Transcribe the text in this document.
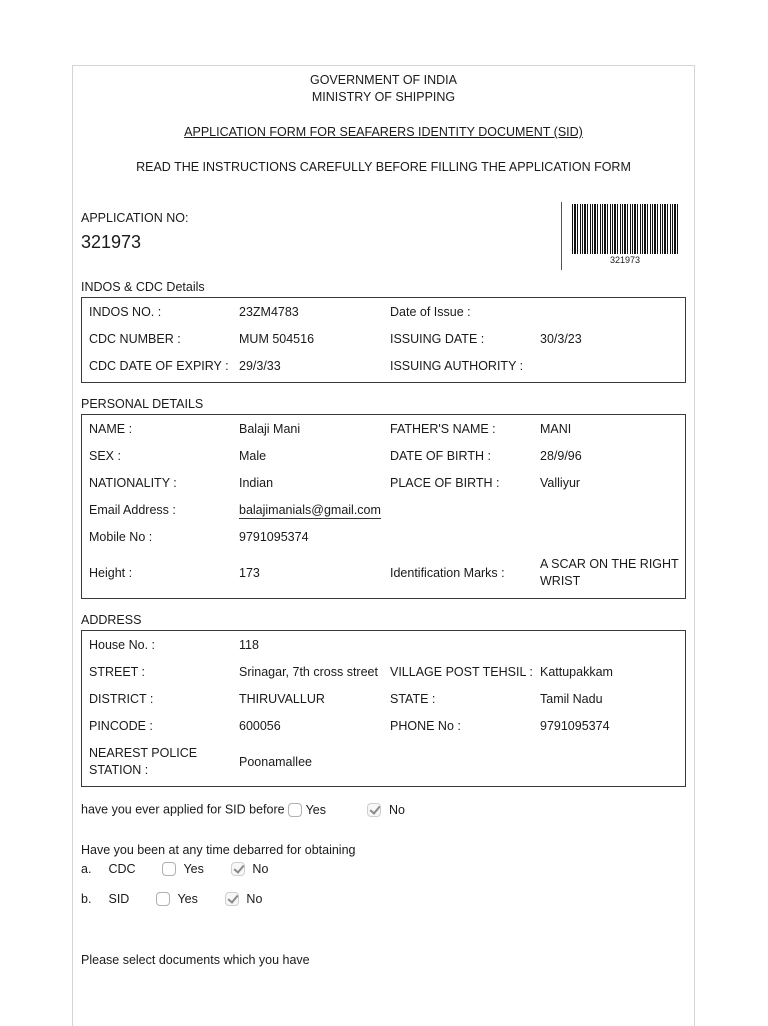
GOVERNMENT OF INDIA
MINISTRY OF SHIPPING
APPLICATION FORM FOR SEAFARERS IDENTITY DOCUMENT (SID)
READ THE INSTRUCTIONS CAREFULLY BEFORE FILLING THE APPLICATION FORM
APPLICATION NO:
321973
321973
INDOS & CDC Details
INDOS NO. :	23ZM4783	Date of Issue :
CDC NUMBER :	MUM 504516	ISSUING DATE :	30/3/23
CDC DATE OF EXPIRY : 29/3/33	ISSUING AUTHORITY :
PERSONAL DETAILS
NAME :	Balaji Mani	FATHER'S NAME :	MANI
SEX :	Male	DATE OF BIRTH :	28/9/96
NATIONALITY :	Indian	PLACE OF BIRTH :	Valliyur
Email Address :	balajimanials@gmail.com
Mobile No :	9791095374
Height :	173	Identification Marks :
A SCAR ON THE RIGHT WRIST
ADDRESS
House No. :	118
STREET :	Srinagar, 7th cross street VILLAGE POST TEHSIL : Kattupakkam
DISTRICT :	THIRUVALLUR	STATE :	Tamil Nadu
PINCODE :	600056	PHONE No :	9791095374
NEAREST POLICE STATION :
Poonamallee
have you ever applied for SID before Yes	No
Have you been at any time debarred for obtaining
a. CDC	Yes	No
b. SID	Yes	No
Please select documents which you have
